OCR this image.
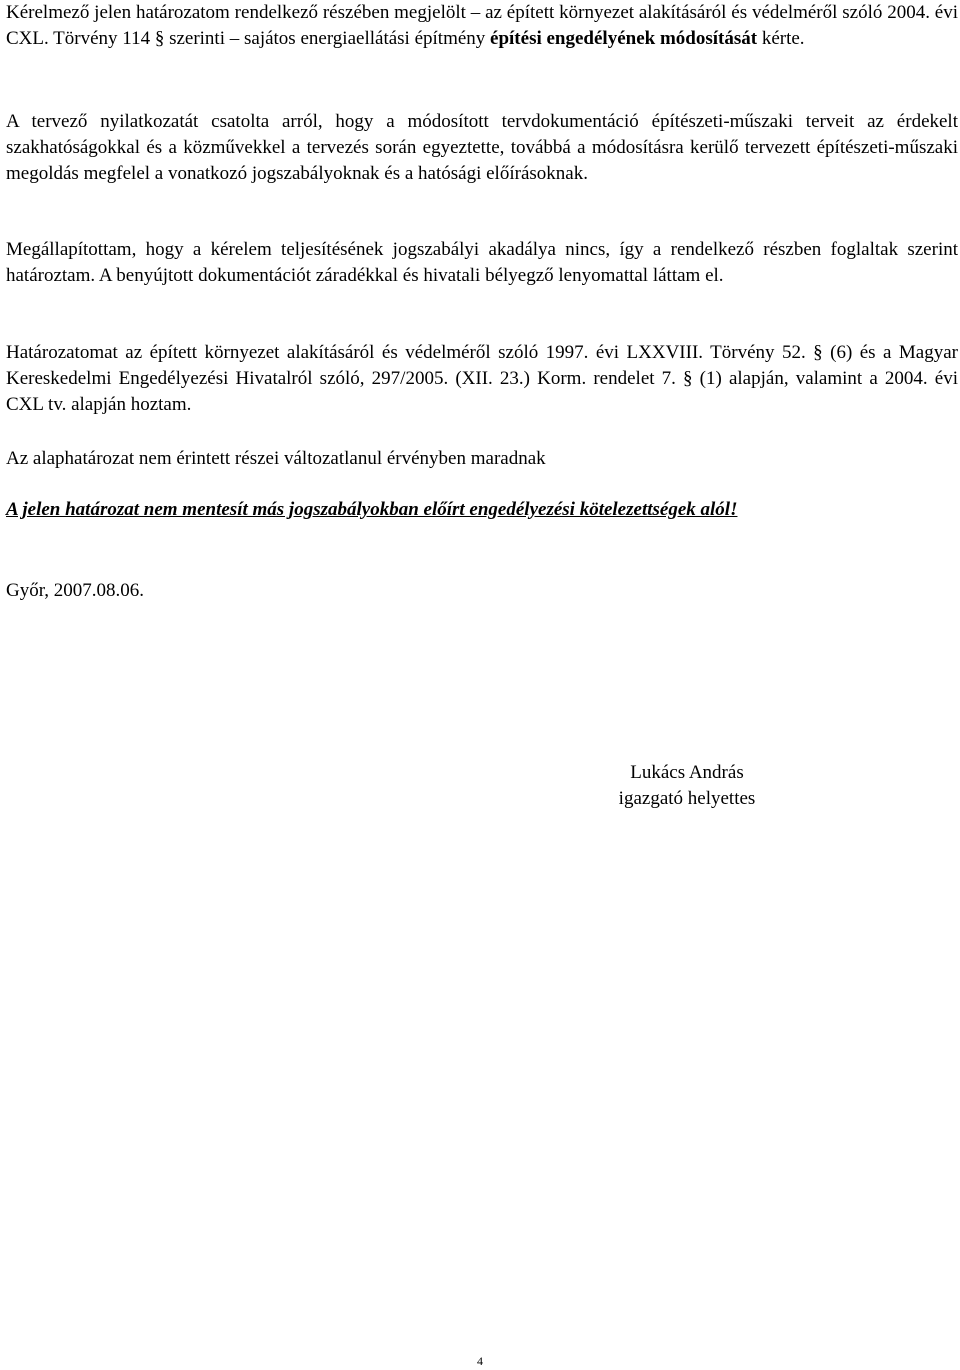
Kérelmező jelen határozatom rendelkező részében megjelölt – az épített környezet alakításáról és védelméről szóló 2004. évi CXL. Törvény 114 § szerinti – sajátos energiaellátási építmény építési engedélyének módosítását kérte.

A tervező nyilatkozatát csatolta arról, hogy a módosított tervdokumentáció építészeti-műszaki terveit az érdekelt szakhatóságokkal és a közművekkel a tervezés során egyeztette, továbbá a módosításra kerülő tervezett építészeti-műszaki megoldás megfelel a vonatkozó jogszabályoknak és a hatósági előírásoknak.

Megállapítottam, hogy a kérelem teljesítésének jogszabályi akadálya nincs, így a rendelkező részben foglaltak szerint határoztam. A benyújtott dokumentációt záradékkal és hivatali bélyegző lenyomattal láttam el.

Határozatomat az épített környezet alakításáról és védelméről szóló 1997. évi LXXVIII. Törvény 52. § (6) és a Magyar Kereskedelmi Engedélyezési Hivatalról szóló, 297/2005. (XII. 23.) Korm. rendelet 7. § (1) alapján, valamint a 2004. évi CXL tv. alapján hoztam.

Az alaphatározat nem érintett részei változatlanul érvényben maradnak

A jelen határozat nem mentesít más jogszabályokban előírt engedélyezési kötelezettségek alól!

Győr, 2007.08.06.

Lukács András
igazgató helyettes
4
